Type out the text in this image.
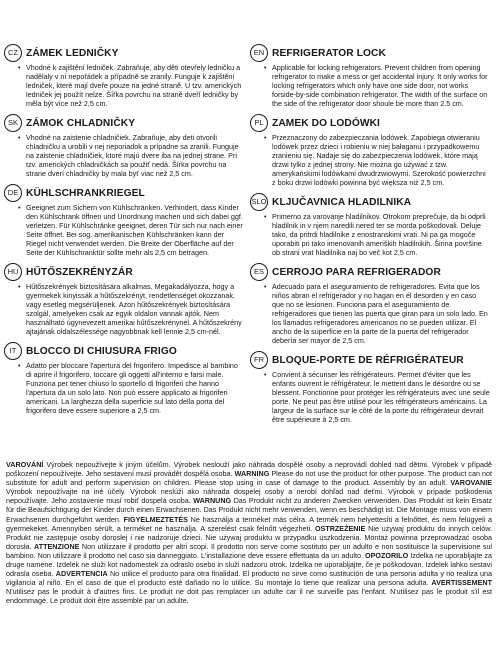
CZ ZÁMEK LEDNIČKY
• Vhodné k zajištění ledniček. Zabraňuje, aby děti otevřely ledničku a nadělaly v ní nepořádek a případně se zranily. Funguje k zajištění ledniček, které mají dveře pouze na jedné straně. U tzv. amerických ledniček jej použít nelze. Šířka povrchu na straně dveří ledničky by měla být více než 2,5 cm.
SK ZÁMOK CHLADNIČKY
• Vhodné na zaistenie chladničiek. Zabraňuje, aby deti otvorili chladničku a urobili v nej neporiadok a prípadne sa zranili. Funguje na zaistenie chladničiek, ktoré majú dvere iba na jednej strane. Pri tzv. amerických chladničkách sa použiť nedá. Šírka povrchu na strane dverí chladničky by mala byť viac než 2,5 cm.
DE KÜHLSCHRANKRIEGEL
• Geeignet zum Sichern von Kühlschränken. Verhindert, dass Kinder den Kühlschrank öffnen und Unordnung machen und sich dabei ggf. verletzen. Für Kühlschränke geeignet, deren Tür sich nur nach einer Seite öffnet. Bei sog. amerikanischen Kühlschränken kann der Riegel nicht verwendet werden. Die Breite der Oberfläche auf der Seite der Kühlschranktür sollte mehr als 2,5 cm betragen.
HU HŰTŐSZEKRÉNYZÁR
• Hűtőszekrények biztosítására alkalmas. Megakadályozza, hogy a gyermekek kinyissák a hűtőszekrényt, rendetlenséget okozzanak, vagy esetleg megsérüljenek. Azon hűtőszekrények biztosítására szolgál, amelyeken csak az egyik oldalon vannak ajtók. Nem használható úgynevezett amerikai hűtőszekrénynél. A hűtőszekrény ajtajának oldalszélessége nagyobbnak kell lennie 2,5 cm-nél.
IT BLOCCO DI CHIUSURA FRIGO
• Adatto per bloccare l'apertura del frigorifero. Impedisce al bambino di aprire il frigorifero, toccare gli oggetti all'interno e farsi male. Funziona per tener chiuso lo sportello di frigoriferi che hanno l'apertura da un solo lato. Non può essere applicato ai frigoriferi americani. La larghezza della superficie sul lato della porta del frigorifero deve essere superiore a 2,5 cm.
EN REFRIGERATOR LOCK
• Applicable for locking refrigerators. Prevent children from opening refrigerator to make a mess or get accidental injury. It only works for locking refrigerators which only have one side door, not works forside-by-side combination refrigerator. The width of the surface on the side of the refrigerator door shoule be more than 2.5 cm.
PL ZAMEK DO LODÓWKI
• Przeznaczony do zabezpieczania lodówek. Zapobiega otwieraniu lodówek przez dzieci i robieniu w niej bałaganu i przypadkowemu zranieniu się. Nadaje się do zabezpieczenia lodówek, które mają drzwi tylko z jednej strony. Nie można go używać z tzw. amerykańskimi lodówkami dwudrzwiowymi. Szerokość powierzchni z boku drzwi lodówki powinna być większa niż 2,5 cm.
SLO KLJUČAVNICA HLADILNIKA
• Primerno za varovanje hladilnikov. Otrokom preprečuje, da bi odprli hladilnik in v njem naredili nered ter se morda poškodovali. Deluje tako, da pritrdi hladilnike z enostranskimi vrati. Ni pa ga mogoče uporabiti pri tako imenovanih ameriških hladilnikih. Širina površine ob strani vrat hladilnika naj bo več kot 2,5 cm.
ES CERROJO PARA REFRIGERADOR
• Adecuado para el aseguramiento de refrigeradores. Evita que los niños abran el refrigerador y no hagan en él desorden y en caso que no se lesionen. Funciona para el aseguramiento de refrigeradores que tienen las puerta que giran para un solo lado. En los llamados refrigeradores americanos no se pueden utilizar. El ancho de la superficie en la parte de la puerta del refrigerador debería ser mayor de 2,5 cm.
FR BLOQUE-PORTE DE RÉFRIGÉRATEUR
• Convient à sécuriser les réfrigérateurs. Permet d'éviter que les enfants ouvrent le réfrigérateur, le mettent dans le désordre ou se blessent. Fonctionne pour protéger les réfrigérateurs avec une seule porte. Ne peut pas être utilisé pour les réfrigérateurs américains. La largeur de la surface sur le côté de la porte du réfrigérateur devrait être supérieure à 2,5 cm.
VAROVÁNÍ Výrobek nepoužívejte k jiným účelům. Výrobek neslouží jako náhrada dospělé osoby a neprovádí dohled nad dětmi. Výrobek v případě poškození nepoužívejte. Jeho sestavení musí provádět dospělá osoba. WARNING Please do not use the product for other purpose. The product can not substitute for adult and perform supervision on children. Please stop using in case of damage to the product. Assembly by an adult. VAROVANIE Výrobok nepoužívajte na iné účely. Výrobok neslúži ako náhrada dospelej osoby a nerobí dohľad nad deťmi. Výrobok v prípade poškodenia nepoužívajte. Jeho zostavenie musí robiť dospelá osoba. WARNUNG Das Produkt nicht zu anderen Zwecken verwenden. Das Produkt ist kein Ersatz für die Beaufsichtigung der Kinder durch einen Erwachsenen. Das Produkt nicht mehr verwenden, wenn es beschädigt ist. Die Montage muss von einem Erwachsenen durchgeführt werden. FIGYELMEZTETÉS Ne használja a terméket más célra. A termék nem helyettesíti a felnőttet, és nem felügyeli a gyermekeket. Amennyiben sérült, a terméket ne használja. A szerelést csak felnőtt végezheti. OSTRZEŻENIE Nie używaj produktu do innych celów. Produkt nie zastępuje osoby dorosłej i nie nadzoruje dzieci. Nie używaj produktu w przypadku uszkodzenia. Montaż powinna przeprowadzać osoba dorosła. ATTENZIONE Non utilizzare il prodotto per altri scopi. Il prodotto non serve come sostituto per un adulto e non sostituisce la supervisione sul bambino. Non utilizzare il prodotto nel caso sia danneggiato. L'installazione deve essere effettuata da un adulto. OPOZORILO Izdelka ne uporabljajte za druge namene. Izdelek ne služi kot nadomestek za odraslo osebo in služi nadzoru otrok. Izdelka ne uporabljajte, če je poškodovan. Izdelek lahko sestavi odrasla oseba. ADVERTENCIA No utilice el producto para otra finalidad. El producto no sirve como sustitución de una persona adulta y no realiza una vigilancia al niño. En el caso de que el producto esté dañado no lo utilice. Su montaje lo tiene que realizar una persona adulta. AVERTISSEMENT N'utilisez pas le produit à d'autres fins. Le produit ne doit pas remplacer un adulte car il ne surveille pas l'enfant. N'utilisez pas le produit s'il est endommagé. Le produit doit être assemblé par un adulte.
